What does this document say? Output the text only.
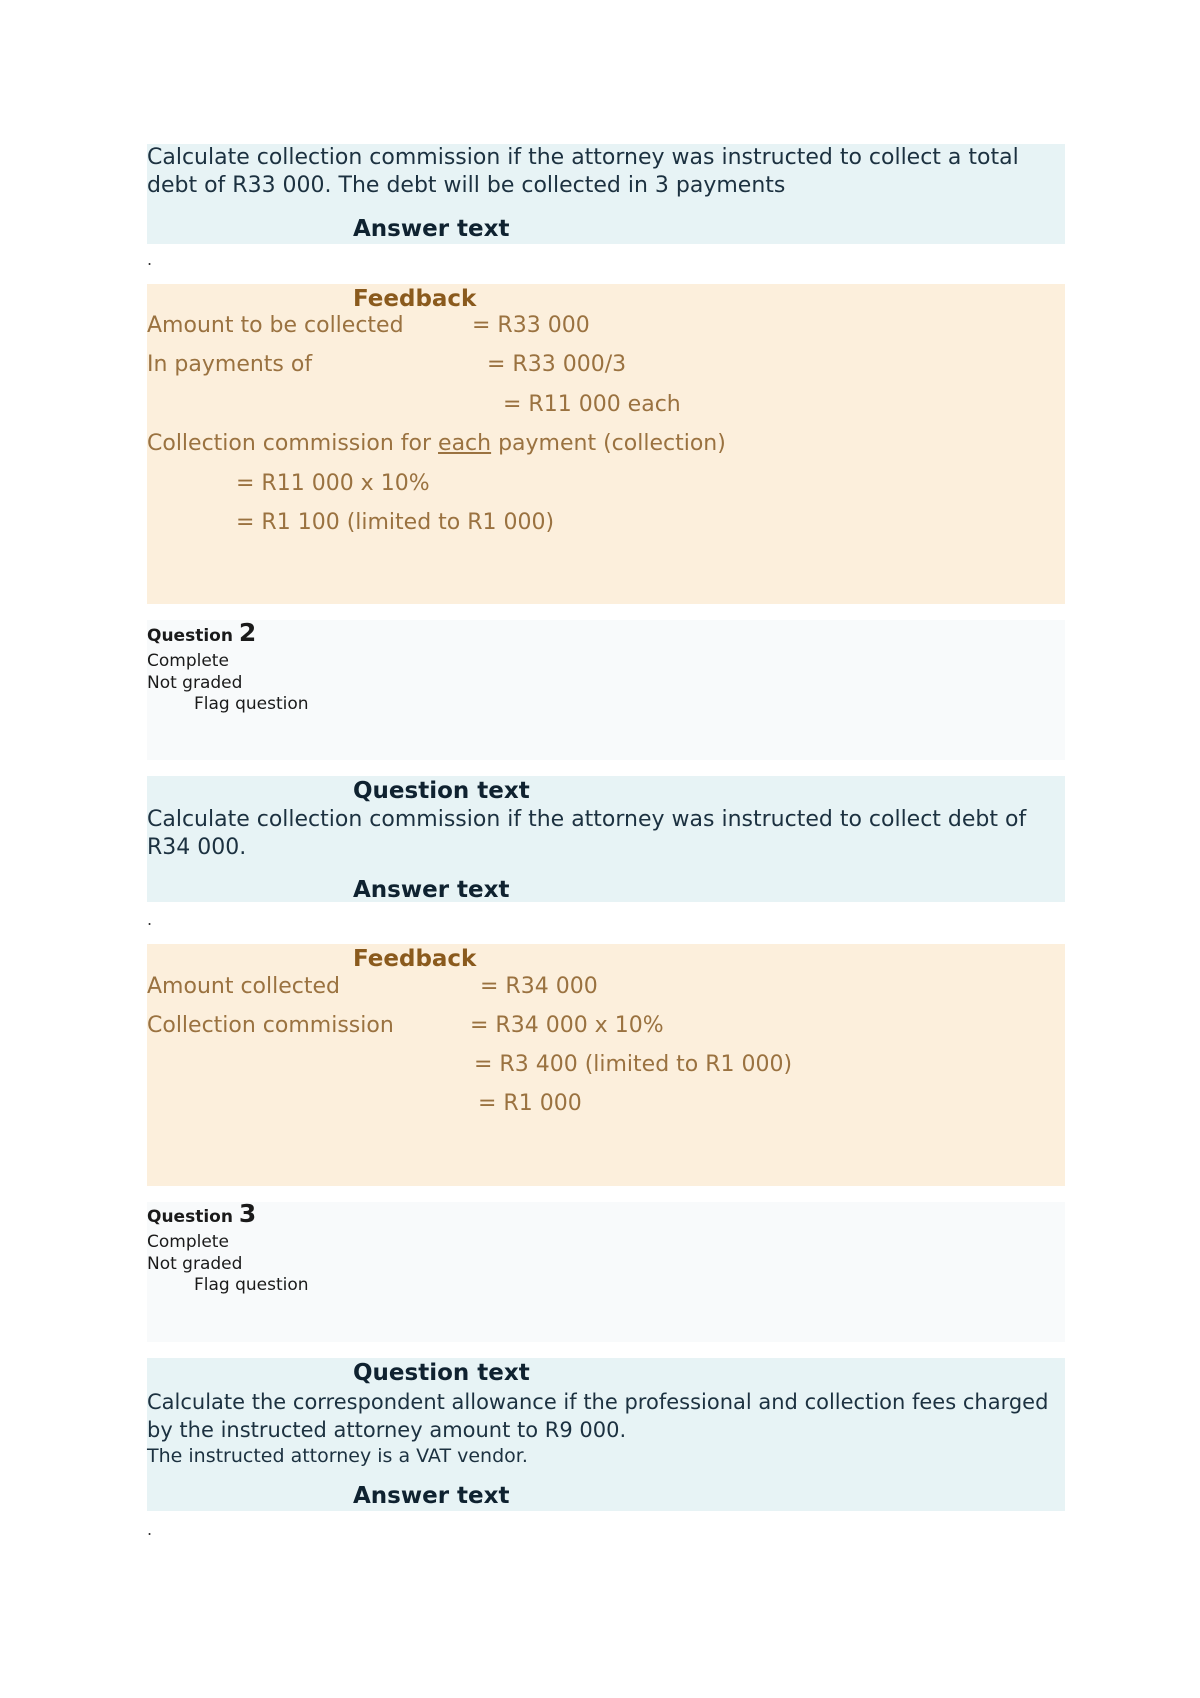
Calculate collection commission if the attorney was instructed to collect a total debt of R33 000. The debt will be collected in 3 payments
Answer text
.
Feedback
Amount to be collected	= R33 000
In payments of	= R33 000/3
= R11 000 each
Collection commission for each payment (collection)
= R11 000 x 10%
= R1 100 (limited to R1 000)
Question 2
Complete
Not graded
Flag question
Question text
Calculate collection commission if the attorney was instructed to collect debt of R34 000.
Answer text
.
Feedback
Amount collected	= R34 000
Collection commission	= R34 000 x 10%
= R3 400 (limited to R1 000)
= R1 000
Question 3
Complete
Not graded
Flag question
Question text
Calculate the correspondent allowance if the professional and collection fees charged by the instructed attorney amount to R9 000.
The instructed attorney is a VAT vendor.
Answer text
.
